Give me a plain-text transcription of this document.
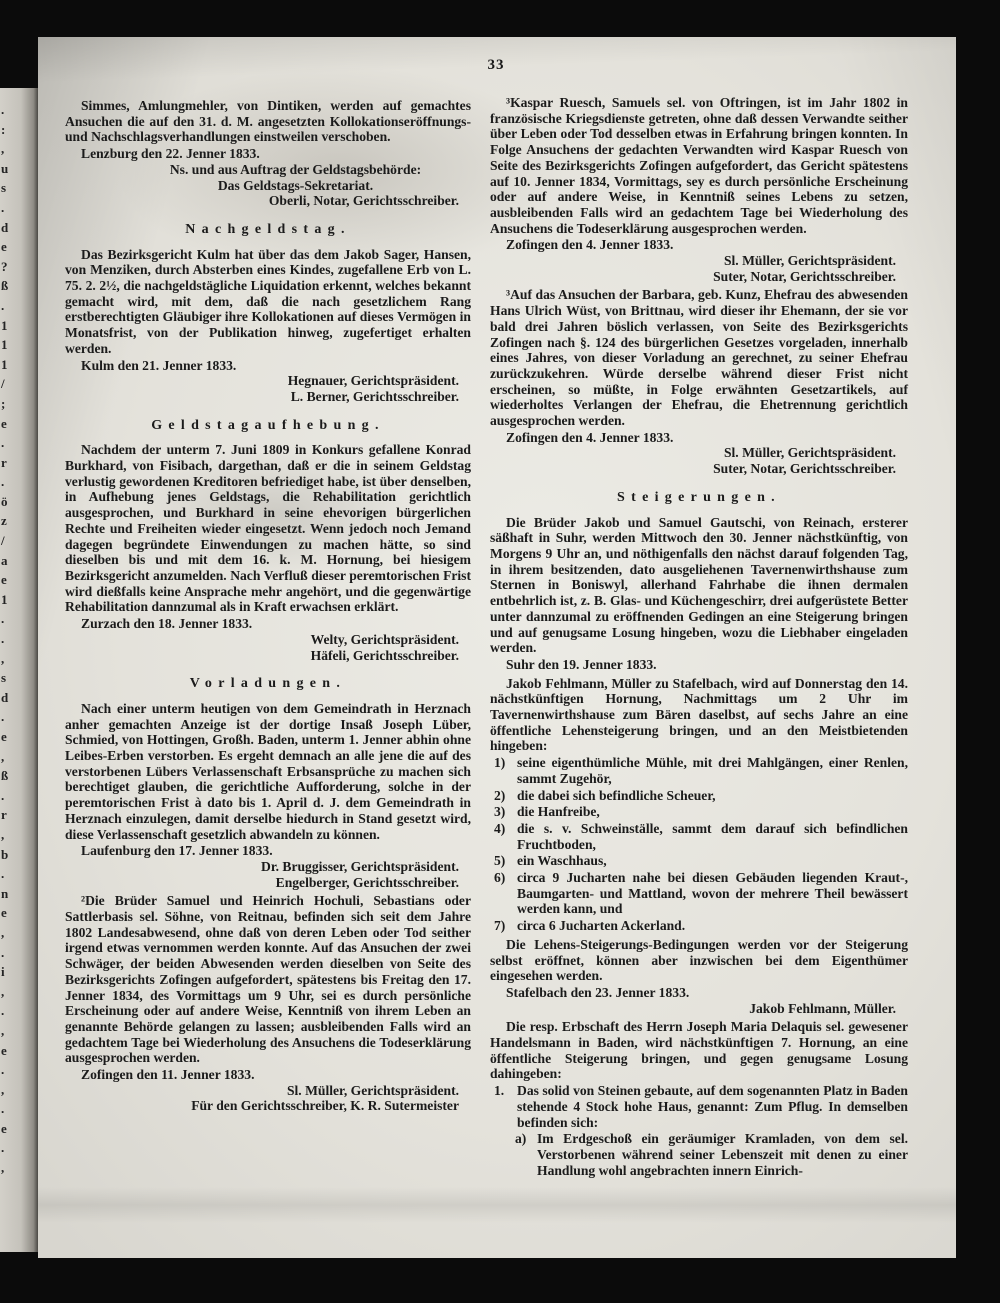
.
:
,
u
s
.
d
e
?
ß
.
1
1
1
/
;
e
.
r
.
ö
z
/
a
e
1
.
.
,
s
d
.
e
,
ß
.
r
,
b
.
n
e
,
.
i
,
.
,
e
.
,
.
e
.
,
33
Simmes, Amlungmehler, von Dintiken, werden auf gemachtes Ansuchen die auf den 31. d. M. angesetzten Kollokationseröffnungs- und Nachschlagsverhandlungen einstweilen verschoben.
Lenzburg den 22. Jenner 1833.
Ns. und aus Auftrag der Geldstagsbehörde:
Das Geldstags-Sekretariat.
Oberli, Notar, Gerichtsschreiber.
Nachgeldstag.
Das Bezirksgericht Kulm hat über das dem Jakob Sager, Hansen, von Menziken, durch Absterben eines Kindes, zugefallene Erb von L. 75. 2. 2½, die nachgeldstägliche Liquidation erkennt, welches bekannt gemacht wird, mit dem, daß die nach gesetzlichem Rang erstberechtigten Gläubiger ihre Kollokationen auf dieses Vermögen in Monatsfrist, von der Publikation hinweg, zugefertiget erhalten werden.
Kulm den 21. Jenner 1833.
Hegnauer, Gerichtspräsident.
L. Berner, Gerichtsschreiber.
Geldstagaufhebung.
Nachdem der unterm 7. Juni 1809 in Konkurs gefallene Konrad Burkhard, von Fisibach, dargethan, daß er die in seinem Geldstag verlustig gewordenen Kreditoren befriediget habe, ist über denselben, in Aufhebung jenes Geldstags, die Rehabilitation gerichtlich ausgesprochen, und Burkhard in seine ehevorigen bürgerlichen Rechte und Freiheiten wieder eingesetzt. Wenn jedoch noch Jemand dagegen begründete Einwendungen zu machen hätte, so sind dieselben bis und mit dem 16. k. M. Hornung, bei hiesigem Bezirksgericht anzumelden. Nach Verfluß dieser peremtorischen Frist wird dießfalls keine Ansprache mehr angehört, und die gegenwärtige Rehabilitation dannzumal als in Kraft erwachsen erklärt.
Zurzach den 18. Jenner 1833.
Welty, Gerichtspräsident.
Häfeli, Gerichtsschreiber.
Vorladungen.
Nach einer unterm heutigen von dem Gemeindrath in Herznach anher gemachten Anzeige ist der dortige Insaß Joseph Lüber, Schmied, von Hottingen, Großh. Baden, unterm 1. Jenner abhin ohne Leibes-Erben verstorben. Es ergeht demnach an alle jene die auf des verstorbenen Lübers Verlassenschaft Erbsansprüche zu machen sich berechtiget glauben, die gerichtliche Aufforderung, solche in der peremtorischen Frist à dato bis 1. April d. J. dem Gemeindrath in Herznach einzulegen, damit derselbe hiedurch in Stand gesetzt wird, diese Verlassenschaft gesetzlich abwandeln zu können.
Laufenburg den 17. Jenner 1833.
Dr. Bruggisser, Gerichtspräsident.
Engelberger, Gerichtsschreiber.
²Die Brüder Samuel und Heinrich Hochuli, Sebastians oder Sattlerbasis sel. Söhne, von Reitnau, befinden sich seit dem Jahre 1802 Landesabwesend, ohne daß von deren Leben oder Tod seither irgend etwas vernommen werden konnte. Auf das Ansuchen der zwei Schwäger, der beiden Abwesenden werden dieselben von Seite des Bezirksgerichts Zofingen aufgefordert, spätestens bis Freitag den 17. Jenner 1834, des Vormittags um 9 Uhr, sei es durch persönliche Erscheinung oder auf andere Weise, Kenntniß von ihrem Leben an genannte Behörde gelangen zu lassen; ausbleibenden Falls wird an gedachtem Tage bei Wiederholung des Ansuchens die Todeserklärung ausgesprochen werden.
Zofingen den 11. Jenner 1833.
Sl. Müller, Gerichtspräsident.
Für den Gerichtsschreiber, K. R. Sutermeister
³Kaspar Ruesch, Samuels sel. von Oftringen, ist im Jahr 1802 in französische Kriegsdienste getreten, ohne daß dessen Verwandte seither über Leben oder Tod desselben etwas in Erfahrung bringen konnten. In Folge Ansuchens der gedachten Verwandten wird Kaspar Ruesch von Seite des Bezirksgerichts Zofingen aufgefordert, das Gericht spätestens auf 10. Jenner 1834, Vormittags, sey es durch persönliche Erscheinung oder auf andere Weise, in Kenntniß seines Lebens zu setzen, ausbleibenden Falls wird an gedachtem Tage bei Wiederholung des Ansuchens die Todeserklärung ausgesprochen werden.
Zofingen den 4. Jenner 1833.
Sl. Müller, Gerichtspräsident.
Suter, Notar, Gerichtsschreiber.
³Auf das Ansuchen der Barbara, geb. Kunz, Ehefrau des abwesenden Hans Ulrich Wüst, von Brittnau, wird dieser ihr Ehemann, der sie vor bald drei Jahren böslich verlassen, von Seite des Bezirksgerichts Zofingen nach §. 124 des bürgerlichen Gesetzes vorgeladen, innerhalb eines Jahres, von dieser Vorladung an gerechnet, zu seiner Ehefrau zurückzukehren. Würde derselbe während dieser Frist nicht erscheinen, so müßte, in Folge erwähnten Gesetzartikels, auf wiederholtes Verlangen der Ehefrau, die Ehetrennung gerichtlich ausgesprochen werden.
Zofingen den 4. Jenner 1833.
Sl. Müller, Gerichtspräsident.
Suter, Notar, Gerichtsschreiber.
Steigerungen.
Die Brüder Jakob und Samuel Gautschi, von Reinach, ersterer säßhaft in Suhr, werden Mittwoch den 30. Jenner nächstkünftig, von Morgens 9 Uhr an, und nöthigenfalls den nächst darauf folgenden Tag, in ihrem besitzenden, dato ausgeliehenen Tavernenwirthshause zum Sternen in Boniswyl, allerhand Fahrhabe die ihnen dermalen entbehrlich ist, z. B. Glas- und Küchengeschirr, drei aufgerüstete Better unter dannzumal zu eröffnenden Gedingen an eine Steigerung bringen und auf genugsame Losung hingeben, wozu die Liebhaber eingeladen werden.
Suhr den 19. Jenner 1833.
Jakob Fehlmann, Müller zu Stafelbach, wird auf Donnerstag den 14. nächstkünftigen Hornung, Nachmittags um 2 Uhr im Tavernenwirthshause zum Bären daselbst, auf sechs Jahre an eine öffentliche Lehensteigerung bringen, und an den Meistbietenden hingeben:
1) seine eigenthümliche Mühle, mit drei Mahlgängen, einer Renlen, sammt Zugehör,
2) die dabei sich befindliche Scheuer,
3) die Hanfreibe,
4) die s. v. Schweinställe, sammt dem darauf sich befindlichen Fruchtboden,
5) ein Waschhaus,
6) circa 9 Jucharten nahe bei diesen Gebäuden liegenden Kraut-, Baumgarten- und Mattland, wovon der mehrere Theil bewässert werden kann, und
7) circa 6 Jucharten Ackerland.
Die Lehens-Steigerungs-Bedingungen werden vor der Steigerung selbst eröffnet, können aber inzwischen bei dem Eigenthümer eingesehen werden.
Stafelbach den 23. Jenner 1833.
Jakob Fehlmann, Müller.
Die resp. Erbschaft des Herrn Joseph Maria Delaquis sel. gewesener Handelsmann in Baden, wird nächstkünftigen 7. Hornung, an eine öffentliche Steigerung bringen, und gegen genugsame Losung dahingeben:
1. Das solid von Steinen gebaute, auf dem sogenannten Platz in Baden stehende 4 Stock hohe Haus, genannt: Zum Pflug. In demselben befinden sich:
a) Im Erdgeschoß ein geräumiger Kramladen, von dem sel. Verstorbenen während seiner Lebenszeit mit denen zu einer Handlung wohl angebrachten innern Einrich-
